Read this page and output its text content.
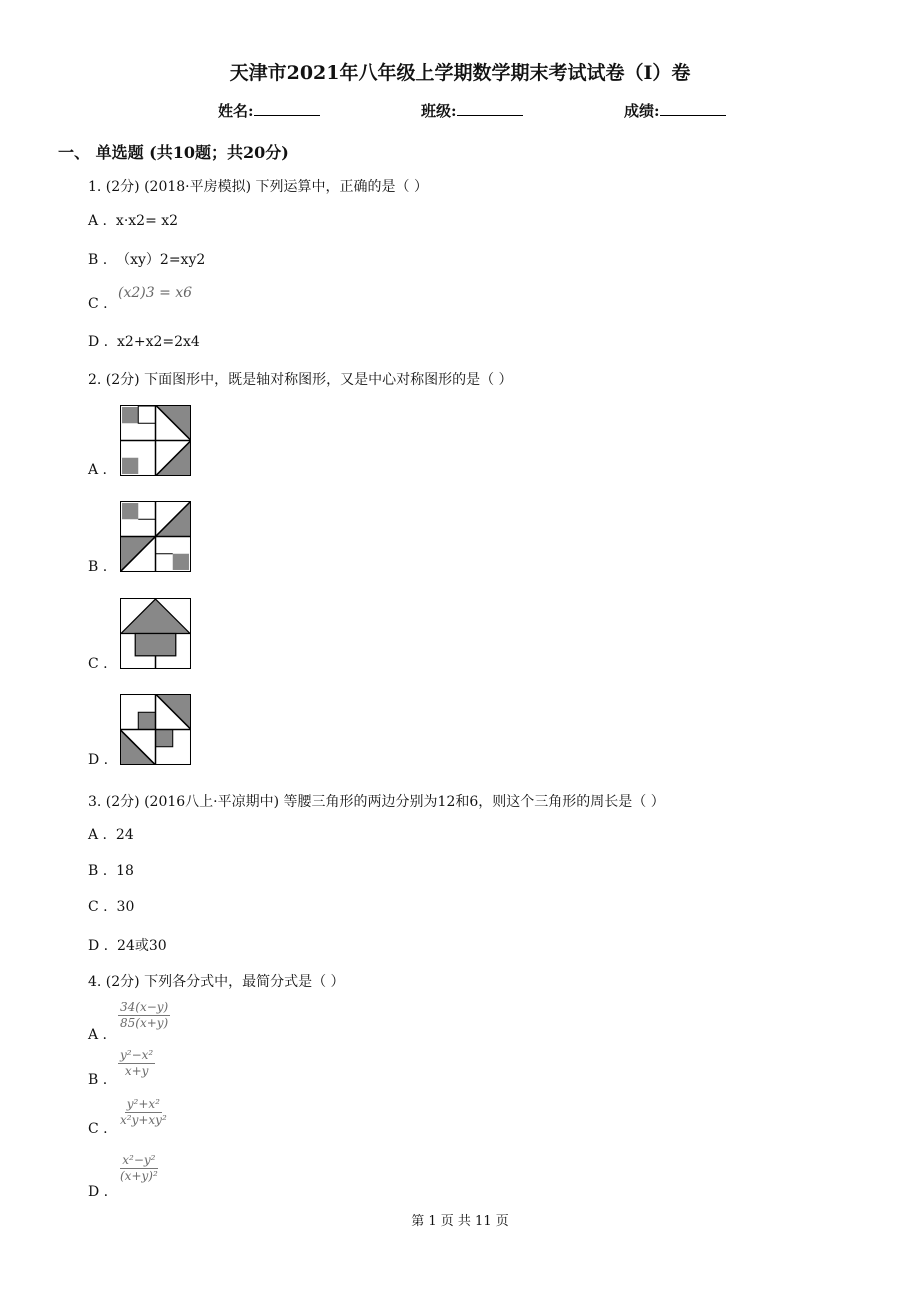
天津市2021年八年级上学期数学期末考试试卷（I）卷
姓名:	班级:	成绩:
一、 单选题 (共10题；共20分)
1. (2分) (2018·平房模拟) 下列运算中，正确的是（ ）
A . x·x2= x2
B . （xy）2=xy2
C .
(x2)3 = x6
D . x2+x2=2x4
2. (2分) 下面图形中，既是轴对称图形，又是中心对称图形的是（ ）
A .
B .
C .
D .
3. (2分) (2016八上·平凉期中) 等腰三角形的两边分别为12和6，则这个三角形的周长是（ ）
A . 24
B . 18
C . 30
D . 24或30
4. (2分) 下列各分式中，最简分式是（ ）
A .
$\frac{34(x-y)}{85(x+y)}$
B .
$\frac{\text{y²−x²}}{x+y}$
C .
$\frac{\text{y²+x²}}{\text{x²y+xy²}}$
D .
$\frac{\text{x²−y²}}{\text{(x+y)²}}$
第 1 页 共 11 页
